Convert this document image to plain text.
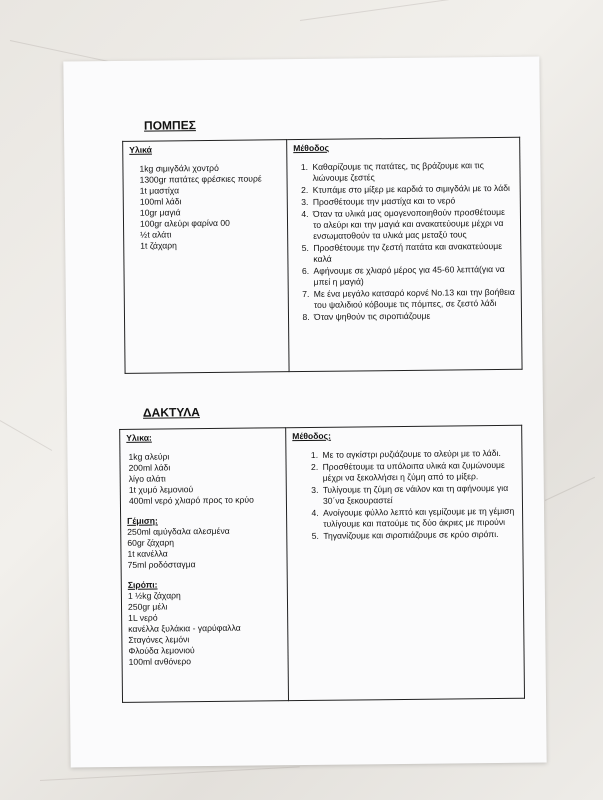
ΠΟΜΠΕΣ
Υλικά
1kg σιμιγδάλι χοντρό
1300gr πατάτες φρέσκιες πουρέ
1t μαστίχα
100ml λάδι
10gr μαγιά
100gr αλεύρι φαρίνα 00
½t αλάτι
1t ζάχαρη

Μέθοδος
1. Καθαρίζουμε τις πατάτες, τις βράζουμε και τις λιώνουμε ζεστές
2. Κτυπάμε στο μίξερ με καρδιά το σιμιγδάλι με το λάδι
3. Προσθέτουμε την μαστίχα και το νερό
4. Όταν τα υλικά μας ομογενοποιηθούν προσθέτουμε το αλεύρι και την μαγιά και ανακατεύουμε μέχρι να ενσωματοθούν τα υλικά μας μεταξύ τους
5. Προσθέτουμε την ζεστή πατάτα και ανακατεύουμε καλά
6. Αφήνουμε σε χλιαρό μέρος για 45-60 λεπτά(για να μπεί η μαγιά)
7. Με ένα μεγάλο κατσαρό κορνέ No.13 και την βοήθεια του ψαλιδιού κόβουμε τις πόμπες, σε ζεστό λάδι
8. Όταν ψηθούν τις σιροπιάζουμε
ΔΑΚΤΥΛΑ
Υλικα:
1kg αλεύρι
200ml λάδι
λίγο αλάτι
1t χυμό λεμονιού
400ml νερό χλιαρό προς το κρύο
Γέμιση:
250ml αμύγδαλα αλεσμένα
60gr ζάχαρη
1t κανέλλα
75ml ροδόσταγμα
Σιρόπι:
1 ½kg ζάχαρη
250gr μέλι
1L νερό
κανέλλα ξυλάκια - γαρύφαλλα
Σταγόνες λεμόνι
Φλούδα λεμονιού
100ml ανθόνερο

Μέθοδος:
1. Με το αγκίστρι ρυζιάζουμε το αλεύρι με το λάδι.
2. Προσθέτουμε τα υπόλοιπα υλικά και ζυμώνουμε μέχρι να ξεκολλήσει η ζύμη από το μίξερ.
3. Τυλίγουμε τη ζύμη σε νάιλον και τη αφήνουμε για 30΄να ξεκουραστεί
4. Ανοίγουμε φύλλο λεπτό και γεμίζουμε με τη γέμιση τυλίγουμε και πατούμε τις δύο άκριες με πιρούνι
5. Τηγανίζουμε και σιροπιάζουμε σε κρύο σιρόπι.
